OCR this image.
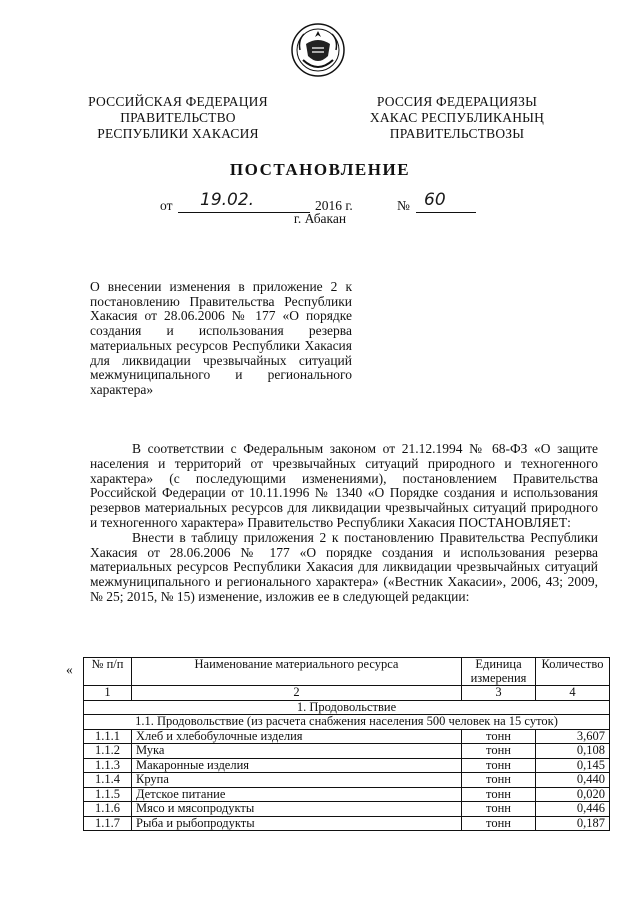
РОССИЙСКАЯ ФЕДЕРАЦИЯ
ПРАВИТЕЛЬСТВО
РЕСПУБЛИКИ ХАКАСИЯ
РОССИЯ ФЕДЕРАЦИЯЗЫ
ХАКАС РЕСПУБЛИКАНЫҢ
ПРАВИТЕЛЬСТВОЗЫ
ПОСТАНОВЛЕНИЕ
от 19.02.	2016 г.	№ 60
г. Абакан
О внесении изменения в приложение 2 к постановлению Правительства Республики Хакасия от 28.06.2006 № 177 «О порядке создания и использования резерва материальных ресурсов Республики Хакасия для ликвидации чрезвычайных ситуаций межмуниципального и регионального характера»

В соответствии с Федеральным законом от 21.12.1994 № 68-ФЗ «О защите населения и территорий от чрезвычайных ситуаций природного и техногенного характера» (с последующими изменениями), постановлением Правительства Российской Федерации от 10.11.1996 № 1340 «О Порядке создания и использования резервов материальных ресурсов для ликвидации чрезвычайных ситуаций природного и техногенного характера» Правительство Республики Хакасия ПОСТАНОВЛЯЕТ:

Внести в таблицу приложения 2 к постановлению Правительства Республики Хакасия от 28.06.2006 № 177 «О порядке создания и использования резерва материальных ресурсов Республики Хакасия для ликвидации чрезвычайных ситуаций межмуниципального и регионального характера» («Вестник Хакасии», 2006, 43; 2009, № 25; 2015, № 15) изменение, изложив ее в следующей редакции:

« № п/п	Наименование материального ресурса	Единица измерения	Количество
1	2	3	4
1. Продовольствие			
1.1. Продовольствие (из расчета снабжения населения 500 человек на 15 суток)			
1.1.1	Хлеб и хлебобулочные изделия	тонн	3,607
1.1.2	Мука	тонн	0,108
1.1.3	Макаронные изделия	тонн	0,145
1.1.4	Крупа	тонн	0,440
1.1.5	Детское питание	тонн	0,020
1.1.6	Мясо и мясопродукты	тонн	0,446
1.1.7	Рыба и рыбопродукты	тонн	0,187
